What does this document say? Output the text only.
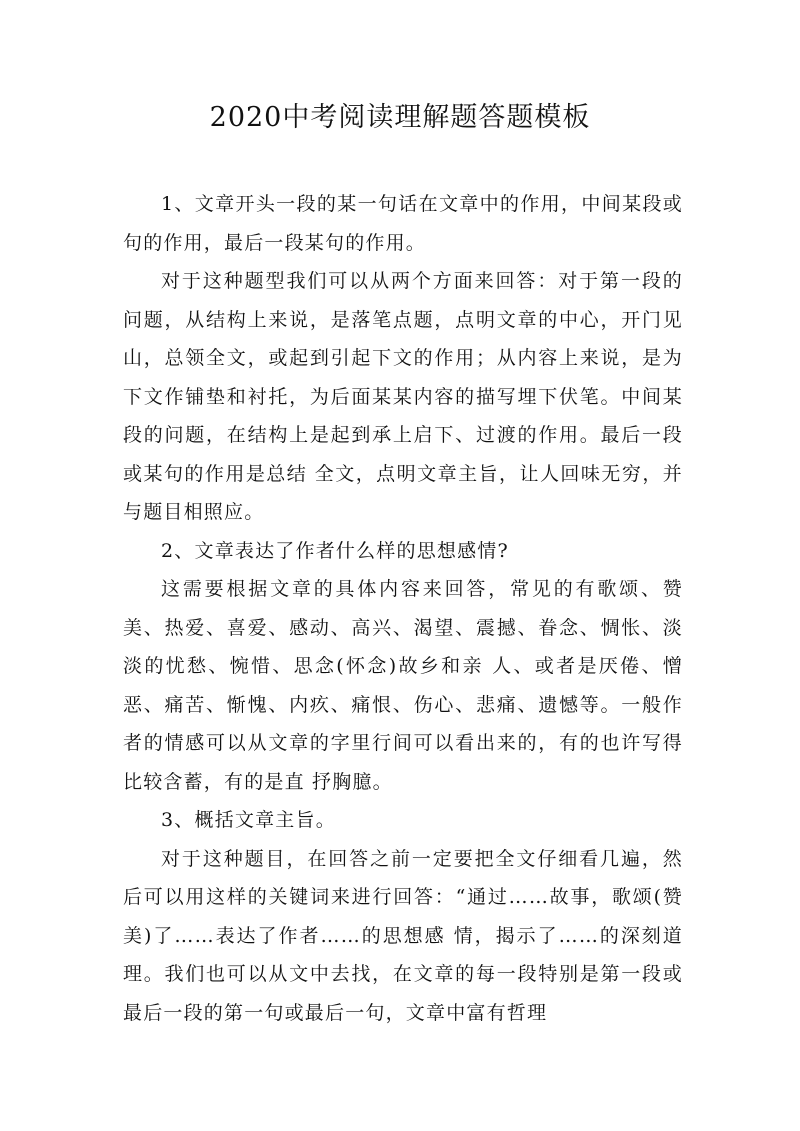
2020中考阅读理解题答题模板

1、文章开头一段的某一句话在文章中的作用，中间某段或句的作用，最后一段某句的作用。

对于这种题型我们可以从两个方面来回答：对于第一段的问题，从结构上来说，是落笔点题，点明文章的中心，开门见山，总领全文，或起到引起下文的作用；从内容上来说，是为下文作铺垫和衬托，为后面某某内容的描写埋下伏笔。中间某段的问题，在结构上是起到承上启下、过渡的作用。最后一段或某句的作用是总结 全文，点明文章主旨，让人回味无穷，并与题目相照应。

2、文章表达了作者什么样的思想感情?

这需要根据文章的具体内容来回答，常见的有歌颂、赞美、热爱、喜爱、感动、高兴、渴望、震撼、眷念、惆怅、淡淡的忧愁、惋惜、思念(怀念)故乡和亲 人、或者是厌倦、憎恶、痛苦、惭愧、内疚、痛恨、伤心、悲痛、遗憾等。一般作者的情感可以从文章的字里行间可以看出来的，有的也许写得比较含蓄，有的是直 抒胸臆。

3、概括文章主旨。

对于这种题目，在回答之前一定要把全文仔细看几遍，然后可以用这样的关键词来进行回答：“通过……故事，歌颂(赞美)了……表达了作者……的思想感 情，揭示了……的深刻道理。我们也可以从文中去找，在文章的每一段特别是第一段或最后一段的第一句或最后一句，文章中富有哲理
